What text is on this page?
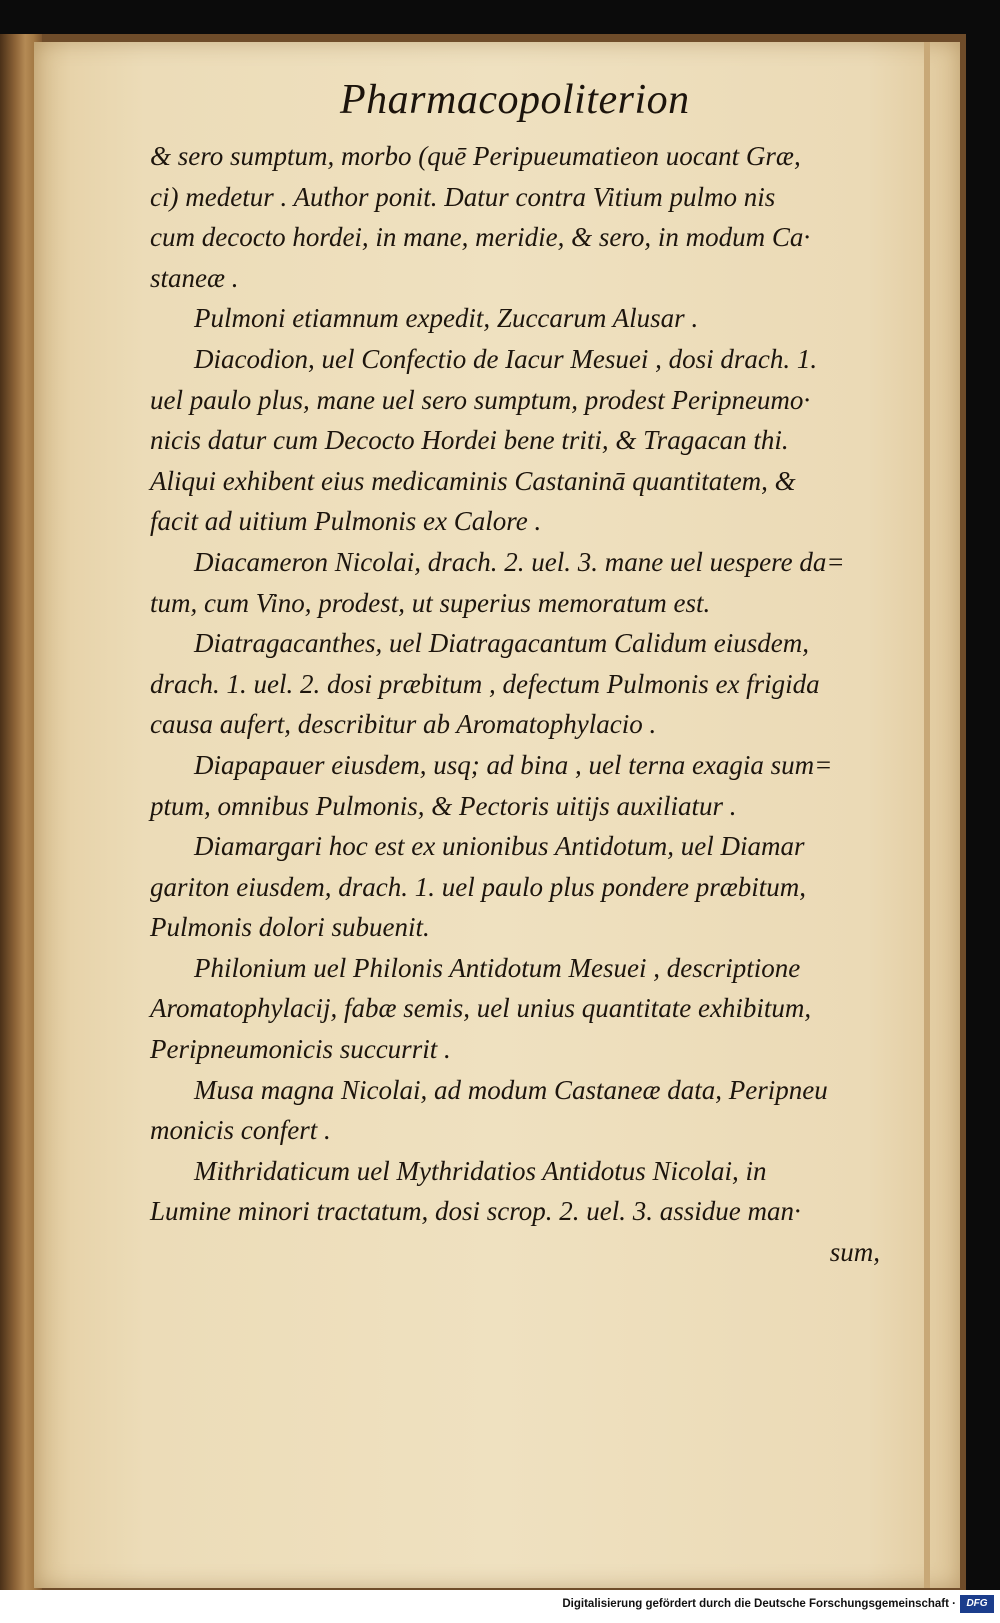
Pharmacopoliterion
& sero sumptum, morbo (quē Peripueumatieon uocant Græ,
ci) medetur . Author ponit. Datur contra Vitium pulmo nis
cum decocto hordei, in mane, meridie, & sero, in modum Ca·
staneæ .
Pulmoni etiamnum expedit, Zuccarum Alusar .
Diacodion, uel Confectio de Iacur Mesuei , dosi drach. 1.
uel paulo plus, mane uel sero sumptum, prodest Peripneumo·
nicis datur cum Decocto Hordei bene triti, & Tragacan thi.
Aliqui exhibent eius medicaminis Castaninā quantitatem, &
facit ad uitium Pulmonis ex Calore .
Diacameron Nicolai, drach. 2. uel. 3. mane uel uespere da=
tum, cum Vino, prodest, ut superius memoratum est.
Diatragacanthes, uel Diatragacantum Calidum eiusdem,
drach. 1. uel. 2. dosi præbitum , defectum Pulmonis ex frigida
causa aufert, describitur ab Aromatophylacio .
Diapapauer eiusdem, usq; ad bina , uel terna exagia sum=
ptum, omnibus Pulmonis, & Pectoris uitijs auxiliatur .
Diamargari hoc est ex unionibus Antidotum, uel Diamar
gariton eiusdem, drach. 1. uel paulo plus pondere præbitum,
Pulmonis dolori subuenit.
Philonium uel Philonis Antidotum Mesuei , descriptione
Aromatophylacij, fabæ semis, uel unius quantitate exhibitum,
Peripneumonicis succurrit .
Musa magna Nicolai, ad modum Castaneæ data, Peripneu
monicis confert .
Mithridaticum uel Mythridatios Antidotus Nicolai, in
Lumine minori tractatum, dosi scrop. 2. uel. 3. assidue man·
sum,
Digitalisierung gefördert durch die Deutsche Forschungsgemeinschaft ·	DFG
